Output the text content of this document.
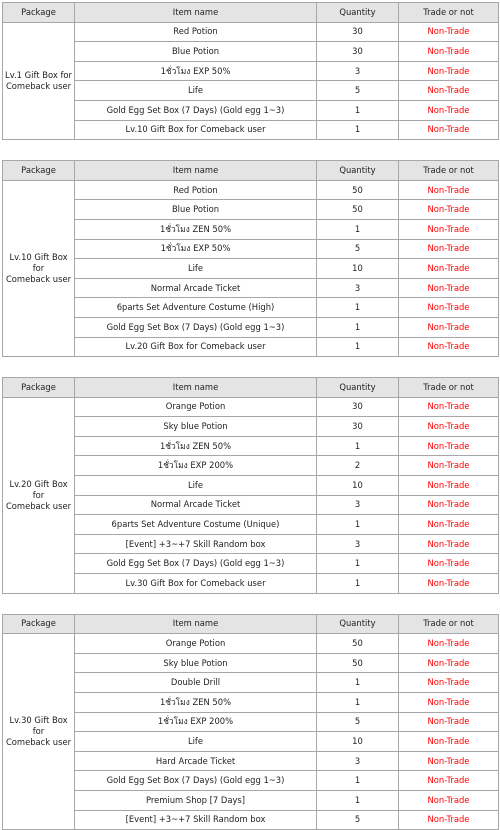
Package	Item name	Quantity	Trade or not
Lv.1 Gift Box for
Comeback user	Red Potion	30	Non-Trade
	Blue Potion	30	Non-Trade
	1ชั่วโมง EXP 50%	3	Non-Trade
	Life	5	Non-Trade
	Gold Egg Set Box (7 Days) (Gold egg 1~3)	1	Non-Trade
	Lv.10 Gift Box for Comeback user	1	Non-Trade
Package	Item name	Quantity	Trade or not
Lv.10 Gift Box for
Comeback user	Red Potion	50	Non-Trade
	Blue Potion	50	Non-Trade
	1ชั่วโมง ZEN 50%	1	Non-Trade
	1ชั่วโมง EXP 50%	5	Non-Trade
	Life	10	Non-Trade
	Normal Arcade Ticket	3	Non-Trade
	6parts Set Adventure Costume (High)	1	Non-Trade
	Gold Egg Set Box (7 Days) (Gold egg 1~3)	1	Non-Trade
	Lv.20 Gift Box for Comeback user	1	Non-Trade
Package	Item name	Quantity	Trade or not
Lv.20 Gift Box for
Comeback user	Orange Potion	30	Non-Trade
	Sky blue Potion	30	Non-Trade
	1ชั่วโมง ZEN 50%	1	Non-Trade
	1ชั่วโมง EXP 200%	2	Non-Trade
	Life	10	Non-Trade
	Normal Arcade Ticket	3	Non-Trade
	6parts Set Adventure Costume (Unique)	1	Non-Trade
	[Event] +3~+7 Skill Random box	3	Non-Trade
	Gold Egg Set Box (7 Days) (Gold egg 1~3)	1	Non-Trade
	Lv.30 Gift Box for Comeback user	1	Non-Trade
Package	Item name	Quantity	Trade or not
Lv.30 Gift Box for
Comeback user	Orange Potion	50	Non-Trade
	Sky blue Potion	50	Non-Trade
	Double Drill	1	Non-Trade
	1ชั่วโมง ZEN 50%	1	Non-Trade
	1ชั่วโมง EXP 200%	5	Non-Trade
	Life	10	Non-Trade
	Hard Arcade Ticket	3	Non-Trade
	Gold Egg Set Box (7 Days) (Gold egg 1~3)	1	Non-Trade
	Premium Shop [7 Days]	1	Non-Trade
	[Event] +3~+7 Skill Random box	5	Non-Trade
